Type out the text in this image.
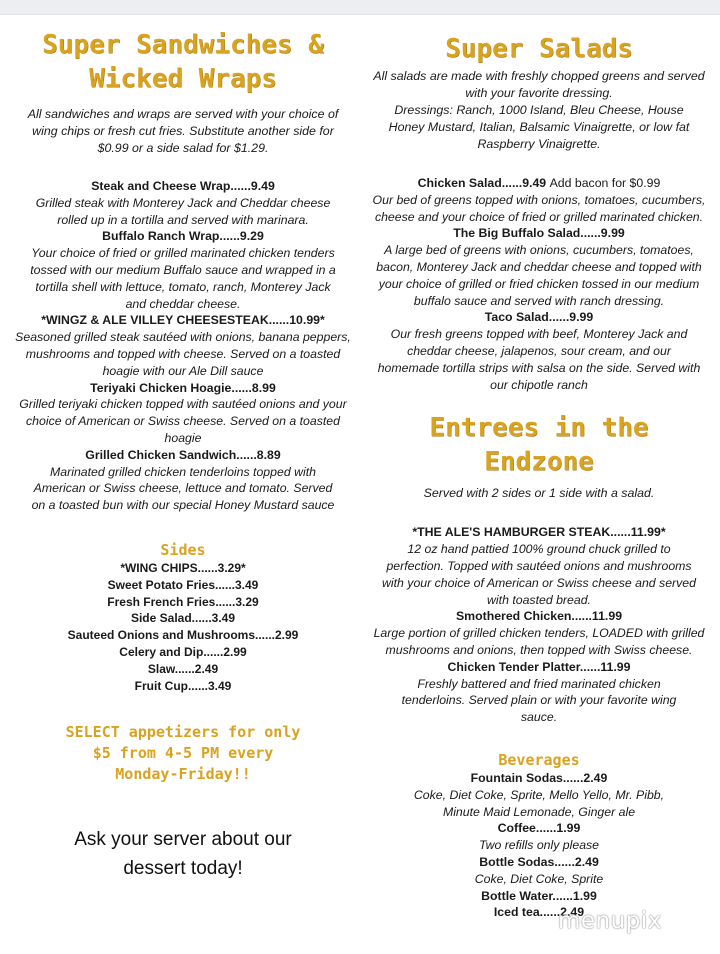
Super Sandwiches &
Wicked Wraps

All sandwiches and wraps are served with your choice of wing chips or fresh cut fries. Substitute another side for $0.99 or a side salad for $1.29.

Steak and Cheese Wrap......9.49

Grilled steak with Monterey Jack and Cheddar cheese rolled up in a tortilla and served with marinara.

Buffalo Ranch Wrap......9.29

Your choice of fried or grilled marinated chicken tenders tossed with our medium Buffalo sauce and wrapped in a tortilla shell with lettuce, tomato, ranch, Monterey Jack and cheddar cheese.

*WINGZ & ALE VILLEY CHEESESTEAK......10.99*

Seasoned grilled steak sautéed with onions, banana peppers, mushrooms and topped with cheese. Served on a toasted hoagie with our Ale Dill sauce

Teriyaki Chicken Hoagie......8.99

Grilled teriyaki chicken topped with sautéed onions and your choice of American or Swiss cheese. Served on a toasted hoagie

Grilled Chicken Sandwich......8.89

Marinated grilled chicken tenderloins topped with American or Swiss cheese, lettuce and tomato. Served on a toasted bun with our special Honey Mustard sauce

Sides

*WING CHIPS......3.29*

Sweet Potato Fries......3.49

Fresh French Fries......3.29

Side Salad......3.49

Sauteed Onions and Mushrooms......2.99

Celery and Dip......2.99

Slaw......2.49

Fruit Cup......3.49

SELECT appetizers for only

$5 from 4-5 PM every

Monday-Friday!!

Ask your server about our

dessert today!

Super Salads

All salads are made with freshly chopped greens and served with your favorite dressing.

Dressings: Ranch, 1000 Island, Bleu Cheese, House Honey Mustard, Italian, Balsamic Vinaigrette, or low fat Raspberry Vinaigrette.

Chicken Salad......9.49 Add bacon for $0.99

Our bed of greens topped with onions, tomatoes, cucumbers, cheese and your choice of fried or grilled marinated chicken.

The Big Buffalo Salad......9.99

A large bed of greens with onions, cucumbers, tomatoes, bacon, Monterey Jack and cheddar cheese and topped with your choice of grilled or fried chicken tossed in our medium buffalo sauce and served with ranch dressing.

Taco Salad......9.99

Our fresh greens topped with beef, Monterey Jack and cheddar cheese, jalapenos, sour cream, and our homemade tortilla strips with salsa on the side. Served with our chipotle ranch

Entrees in the
Endzone

Served with 2 sides or 1 side with a salad.

*THE ALE'S HAMBURGER STEAK......11.99*

12 oz hand pattied 100% ground chuck grilled to perfection. Topped with sautéed onions and mushrooms with your choice of American or Swiss cheese and served with toasted bread.

Smothered Chicken......11.99

Large portion of grilled chicken tenders, LOADED with grilled mushrooms and onions, then topped with Swiss cheese.

Chicken Tender Platter......11.99

Freshly battered and fried marinated chicken tenderloins. Served plain or with your favorite wing sauce.

Beverages

Fountain Sodas......2.49

Coke, Diet Coke, Sprite, Mello Yello, Mr. Pibb, Minute Maid Lemonade, Ginger ale

Coffee......1.99

Two refills only please

Bottle Sodas......2.49

Coke, Diet Coke, Sprite

Bottle Water......1.99

Iced tea......2.49

menupix
